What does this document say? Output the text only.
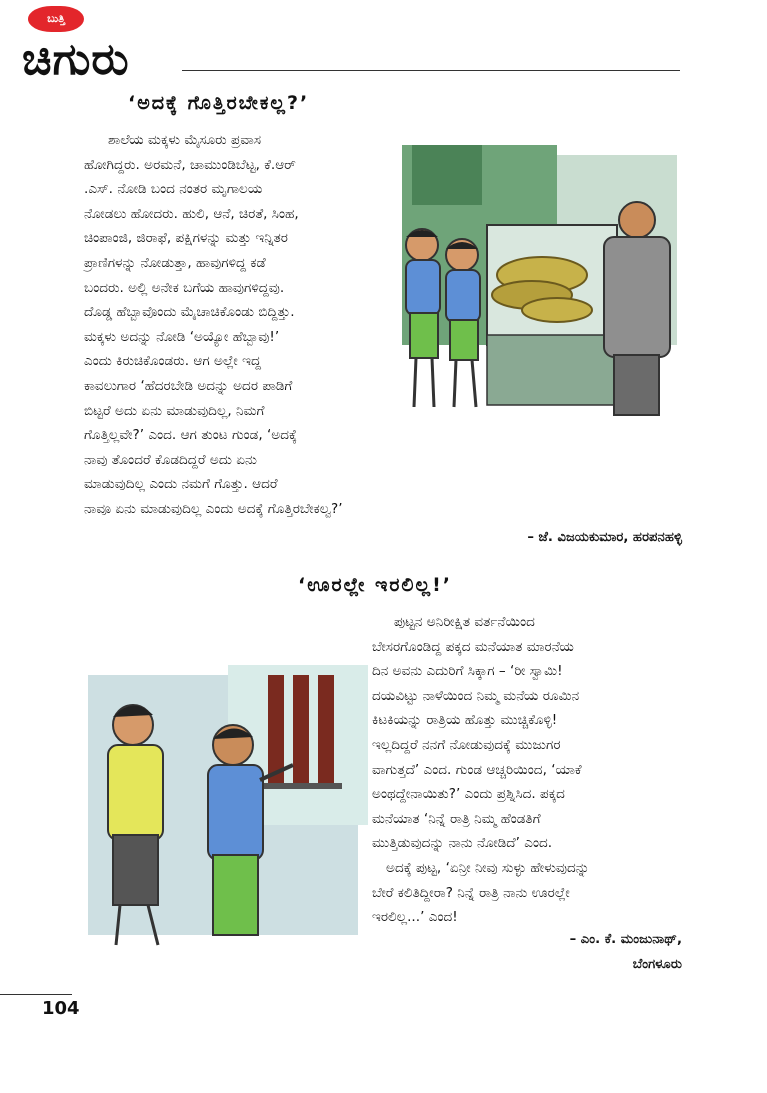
ಬುತ್ತಿ
ಚಿಗುರು
‘ಅದಕ್ಕೆ ಗೊತ್ತಿರಬೇಕಲ್ಲ?’
ಶಾಲೆಯ ಮಕ್ಕಳು ಮೈಸೂರು ಪ್ರವಾಸ
ಹೋಗಿದ್ದರು. ಅರಮನೆ, ಚಾಮುಂಡಿಬೆಟ್ಟ, ಕೆ.ಆರ್
.ಎಸ್. ನೋಡಿ ಬಂದ ನಂತರ ಮೃಗಾಲಯ
ನೋಡಲು ಹೋದರು. ಹುಲಿ, ಆನೆ, ಚಿರತೆ, ಸಿಂಹ,
ಚಿಂಪಾಂಜಿ, ಜಿರಾಫೆ, ಪಕ್ಷಿಗಳನ್ನು ಮತ್ತು ಇನ್ನಿತರ
ಪ್ರಾಣಿಗಳನ್ನು ನೋಡುತ್ತಾ, ಹಾವುಗಳಿದ್ದ ಕಡೆ
ಬಂದರು. ಅಲ್ಲಿ ಅನೇಕ ಬಗೆಯ ಹಾವುಗಳಿದ್ದವು.
ದೊಡ್ಡ ಹೆಬ್ಬಾವೊಂದು ಮೈಚಾಚಿಕೊಂಡು ಬಿದ್ದಿತ್ತು.
ಮಕ್ಕಳು ಅದನ್ನು ನೋಡಿ ‘ಅಯ್ಯೋ ಹೆಬ್ಬಾವು!’
ಎಂದು ಕಿರುಚಿಕೊಂಡರು. ಆಗ ಅಲ್ಲೇ ಇದ್ದ
ಕಾವಲುಗಾರ ‘ಹೆದರಬೇಡಿ ಅದನ್ನು ಅದರ ಪಾಡಿಗೆ
ಬಿಟ್ಟರೆ ಅದು ಏನು ಮಾಡುವುದಿಲ್ಲ, ನಿಮಗೆ
ಗೊತ್ತಿಲ್ಲವೇ?’ ಎಂದ. ಆಗ ತುಂಟ ಗುಂಡ, ‘ಅದಕ್ಕೆ
ನಾವು ತೊಂದರೆ ಕೊಡದಿದ್ದರೆ ಅದು ಏನು
ಮಾಡುವುದಿಲ್ಲ ಎಂದು ನಮಗೆ ಗೊತ್ತು. ಆದರೆ
ನಾವೂ ಏನು ಮಾಡುವುದಿಲ್ಲ ಎಂದು ಅದಕ್ಕೆ ಗೊತ್ತಿರಬೇಕಲ್ವ?’
– ಜೆ. ವಿಜಯಕುಮಾರ, ಹರಪನಹಳ್ಳಿ
‘ಊರಲ್ಲೇ ಇರಲಿಲ್ಲ!’
ಪುಟ್ಟನ ಅನಿರೀಕ್ಷಿತ ವರ್ತನೆಯಿಂದ
ಬೇಸರಗೊಂಡಿದ್ದ ಪಕ್ಕದ ಮನೆಯಾತ ಮಾರನೆಯ
ದಿನ ಅವನು ಎದುರಿಗೆ ಸಿಕ್ಕಾಗ – ‘ರೀ ಸ್ವಾಮಿ!
ದಯವಿಟ್ಟು ನಾಳೆಯಿಂದ ನಿಮ್ಮ ಮನೆಯ ರೂಮಿನ
ಕಿಟಕಿಯನ್ನು ರಾತ್ರಿಯ ಹೊತ್ತು ಮುಚ್ಚಿಕೊಳ್ಳಿ!
ಇಲ್ಲದಿದ್ದರೆ ನನಗೆ ನೋಡುವುದಕ್ಕೆ ಮುಜುಗರ
ವಾಗುತ್ತದೆ’ ಎಂದ. ಗುಂಡ ಆಚ್ಚರಿಯಿಂದ, ‘ಯಾಕೆ
ಅಂಥದ್ದೇನಾಯಿತು?’ ಎಂದು ಪ್ರಶ್ನಿಸಿದ. ಪಕ್ಕದ
ಮನೆಯಾತ ‘ನಿನ್ನೆ ರಾತ್ರಿ ನಿಮ್ಮ ಹೆಂಡತಿಗೆ
ಮುತ್ತಿಡುವುದನ್ನು ನಾನು ನೋಡಿದೆ’ ಎಂದ.
ಅದಕ್ಕೆ ಪುಟ್ಟ, ‘ಏನ್ರೀ ನೀವು ಸುಳ್ಳು ಹೇಳುವುದನ್ನು
ಬೇರೆ ಕಲಿತಿದ್ದೀರಾ? ನಿನ್ನೆ ರಾತ್ರಿ ನಾನು ಊರಲ್ಲೇ
ಇರಲಿಲ್ಲ...’ ಎಂದ!
– ಎಂ. ಕೆ. ಮಂಜುನಾಥ್,
ಬೆಂಗಳೂರು
104
